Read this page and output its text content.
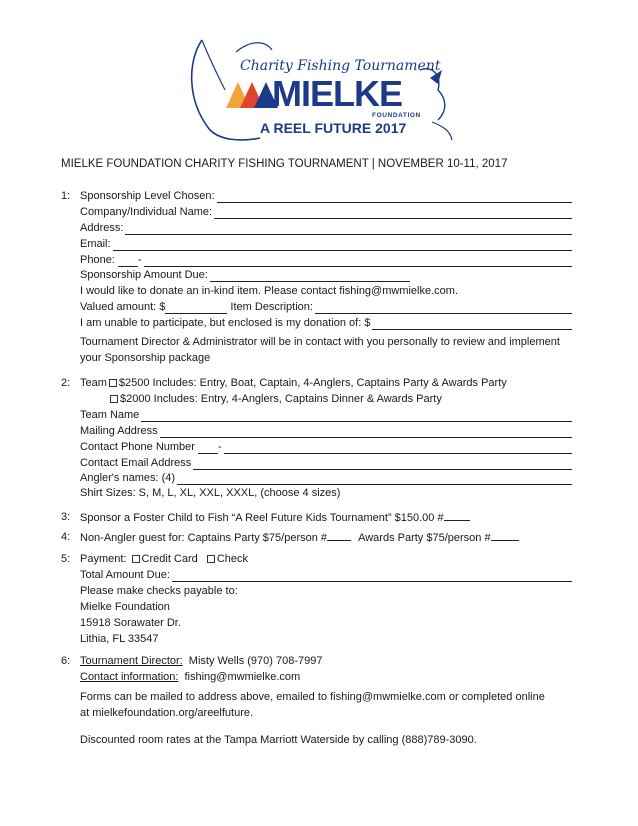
Charity Fishing Tournament
MIELKE
FOUNDATION
A REEL FUTURE 2017
MIELKE FOUNDATION CHARITY FISHING TOURNAMENT | NOVEMBER 10-11, 2017
1: Sponsorship Level Chosen:
Company/Individual Name:
Address:
Email:
Phone: -
Sponsorship Amount Due:
I would like to donate an in-kind item. Please contact fishing@mwmielke.com.
Valued amount: $	Item Description:
I am unable to participate, but enclosed is my donation of: $
Tournament Director & Administrator will be in contact with you personally to review and implement
your Sponsorship package
2: Team $2500 Includes: Entry, Boat, Captain, 4-Anglers, Captains Party & Awards Party
$2000 Includes: Entry, 4-Anglers, Captains Dinner & Awards Party
Team Name
Mailing Address
Contact Phone Number -
Contact Email Address
Angler's names: (4)
Shirt Sizes: S, M, L, XL, XXL, XXXL, (choose 4 sizes)
3: Sponsor a Foster Child to Fish “A Reel Future Kids Tournament” $150.00 #
4: Non-Angler guest for: Captains Party $75/person #	Awards Party $75/person #
5: Payment: Credit Card Check
Total Amount Due:
Please make checks payable to:
Mielke Foundation
15918 Sorawater Dr.
Lithia, FL 33547
6: Tournament Director: Misty Wells (970) 708-7997
Contact information: fishing@mwmielke.com
Forms can be mailed to address above, emailed to fishing@mwmielke.com or completed online
at mielkefoundation.org/areelfuture.
Discounted room rates at the Tampa Marriott Waterside by calling (888)789-3090.
